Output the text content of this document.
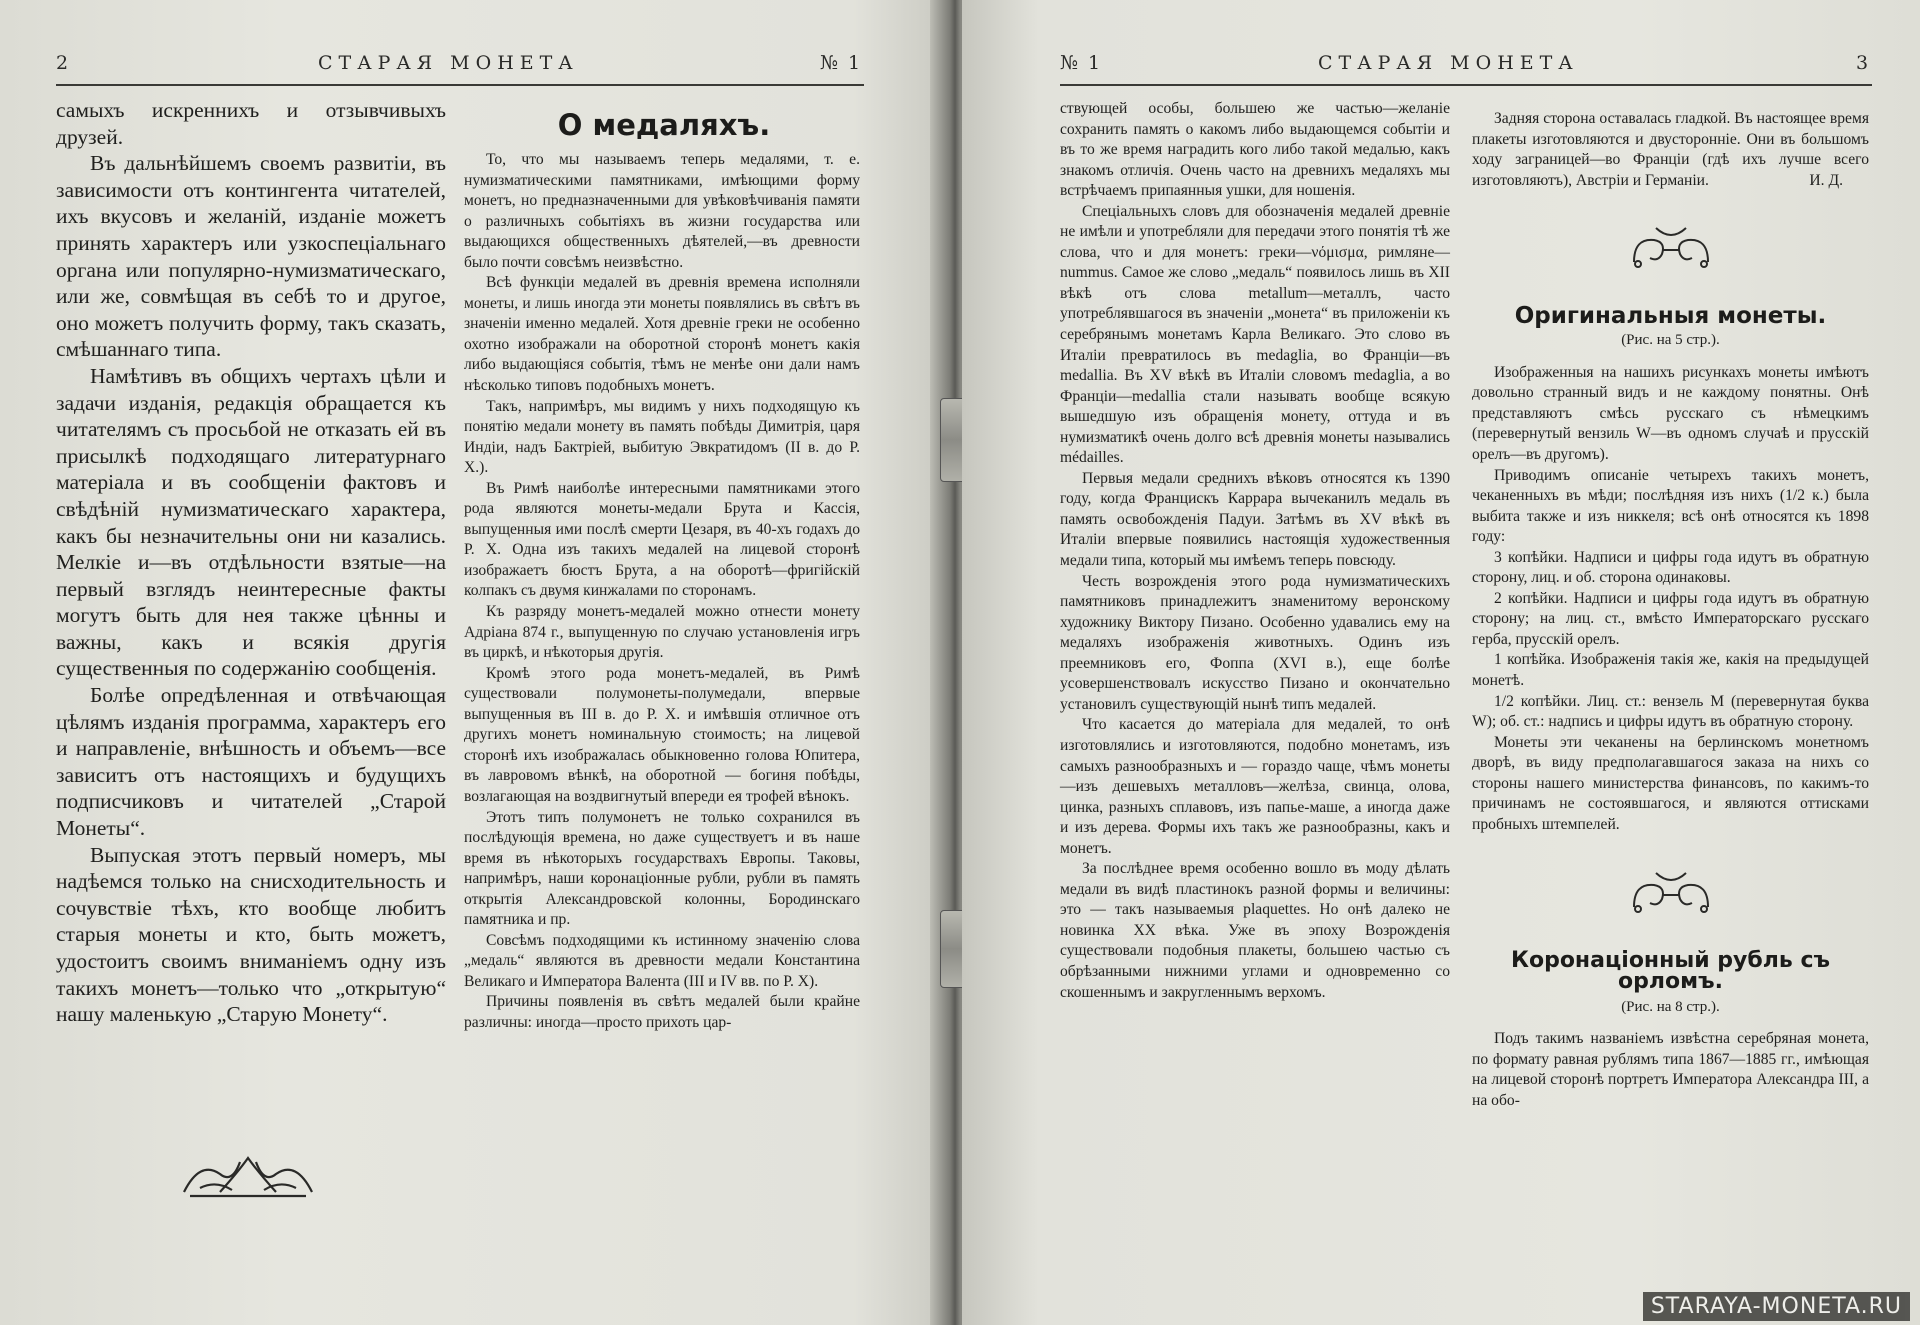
2	СТАРАЯ МОНЕТА	№ 1

самыхъ искреннихъ и отзывчивыхъ друзей.

Въ дальнѣйшемъ своемъ развитіи, въ зависимости отъ контингента читателей, ихъ вкусовъ и желаній, изданіе можетъ принять характеръ или узкоспеціальнаго органа или популярно-нумизматическаго, или же, совмѣщая въ себѣ то и другое, оно можетъ получить форму, такъ сказать, смѣшаннаго типа.

Намѣтивъ въ общихъ чертахъ цѣли и задачи изданія, редакція обращается къ читателямъ съ просьбой не отказать ей въ присылкѣ подходящаго литературнаго матеріала и въ сообщеніи фактовъ и свѣдѣній нумизматическаго характера, какъ бы незначительны они ни казались. Мелкіе и—въ отдѣльности взятые—на первый взглядъ неинтересные факты могутъ быть для нея также цѣнны и важны, какъ и всякія другія существенныя по содержанію сообщенія.

Болѣе опредѣленная и отвѣчающая цѣлямъ изданія программа, характеръ его и направленіе, внѣшность и объемъ—все зависитъ отъ настоящихъ и будущихъ подписчиковъ и читателей „Старой Монеты“.

Выпуская этотъ первый номеръ, мы надѣемся только на снисходительность и сочувствіе тѣхъ, кто вообще любитъ старыя монеты и кто, быть можетъ, удостоитъ своимъ вниманіемъ одну изъ такихъ монетъ—только что „открытую“ нашу маленькую „Старую Монету“.

О медаляхъ.

То, что мы называемъ теперь медалями, т. е. нумизматическими памятниками, имѣющими форму монетъ, но предназначенными для увѣковѣчиванія памяти о различныхъ событіяхъ въ жизни государства или выдающихся общественныхъ дѣятелей,—въ древности было почти совсѣмъ неизвѣстно.

Всѣ функціи медалей въ древнія времена исполняли монеты, и лишь иногда эти монеты появлялись въ свѣтъ въ значеніи именно медалей. Хотя древніе греки не особенно охотно изображали на оборотной сторонѣ монетъ какія либо выдающіяся событія, тѣмъ не менѣе они дали намъ нѣсколько типовъ подобныхъ монетъ.

Такъ, напримѣръ, мы видимъ у нихъ подходящую къ понятію медали монету въ память побѣды Димитрія, царя Индіи, надъ Бактріей, выбитую Эвкратидомъ (II в. до Р. X.).

Въ Римѣ наиболѣе интересными памятниками этого рода являются монеты-медали Брута и Кассія, выпущенныя ими послѣ смерти Цезаря, въ 40-хъ годахъ до Р. X. Одна изъ такихъ медалей на лицевой сторонѣ изображаетъ бюстъ Брута, а на оборотѣ—фригійскій колпакъ съ двумя кинжалами по сторонамъ.

Къ разряду монетъ-медалей можно отнести монету Адріана 874 г., выпущенную по случаю установленія игръ въ циркѣ, и нѣкоторыя другія.

Кромѣ этого рода монетъ-медалей, въ Римѣ существовали полумонеты-полумедали, впервые выпущенныя въ III в. до Р. X. и имѣвшія отличное отъ другихъ монетъ номинальную стоимость; на лицевой сторонѣ ихъ изображалась обыкновенно голова Юпитера, въ лавровомъ вѣнкѣ, на оборотной — богиня побѣды, возлагающая на воздвигнутый впереди ея трофей вѣнокъ.

Этотъ типъ полумонетъ не только сохранился въ послѣдующія времена, но даже существуетъ и въ наше время въ нѣкоторыхъ государствахъ Европы. Таковы, напримѣръ, наши коронаціонные рубли, рубли въ память открытія Александровской колонны, Бородинскаго памятника и пр.

Совсѣмъ подходящими къ истинному значенію слова „медаль“ являются въ древности медали Константина Великаго и Императора Валента (III и IV вв. по Р. X).

Причины появленія въ свѣтъ медалей были крайне различны: иногда—просто прихоть цар-

№ 1	СТАРАЯ МОНЕТА	3

ствующей особы, большею же частью—желаніе сохранить память о какомъ либо выдающемся событіи и въ то же время наградить кого либо такой медалью, какъ знакомъ отличія. Очень часто на древнихъ медаляхъ мы встрѣчаемъ припаянныя ушки, для ношенія.

Спеціальныхъ словъ для обозначенія медалей древніе не имѣли и употребляли для передачи этого понятія тѣ же слова, что и для монетъ: греки—νόμισμα, римляне—nummus. Самое же слово „медаль“ появилось лишь въ XII вѣкѣ отъ слова metallum—металлъ, часто употреблявшагося въ значеніи „монета“ въ приложеніи къ серебрянымъ монетамъ Карла Великаго. Это слово въ Италіи превратилось въ medaglia, во Франціи—въ medallia. Въ XV вѣкѣ въ Италіи словомъ medaglia, а во Франціи—medallia стали называть вообще всякую вышедшую изъ обращенія монету, оттуда и въ нумизматикѣ очень долго всѣ древнія монеты назывались médailles.

Первыя медали среднихъ вѣковъ относятся къ 1390 году, когда Францискъ Каррара вычеканилъ медаль въ память освобожденія Падуи. Затѣмъ въ XV вѣкѣ въ Италіи впервые появились настоящія художественныя медали типа, который мы имѣемъ теперь повсюду.

Честь возрожденія этого рода нумизматическихъ памятниковъ принадлежитъ знаменитому веронскому художнику Виктору Пизано. Особенно удавались ему на медаляхъ изображенія животныхъ. Одинъ изъ преемниковъ его, Фоппа (XVI в.), еще болѣе усовершенствовалъ искусство Пизано и окончательно установилъ существующій нынѣ типъ медалей.

Что касается до матеріала для медалей, то онѣ изготовлялись и изготовляются, подобно монетамъ, изъ самыхъ разнообразныхъ и — гораздо чаще, чѣмъ монеты—изъ дешевыхъ металловъ—желѣза, свинца, олова, цинка, разныхъ сплавовъ, изъ папье-маше, а иногда даже и изъ дерева. Формы ихъ такъ же разнообразны, какъ и монетъ.

За послѣднее время особенно вошло въ моду дѣлать медали въ видѣ пластинокъ разной формы и величины: это — такъ называемыя plaquettes. Но онѣ далеко не новинка XX вѣка. Уже въ эпоху Возрожденія существовали подобныя плакеты, большею частью съ обрѣзанными нижними углами и одновременно со скошеннымъ и закругленнымъ верхомъ.

Задняя сторона оставалась гладкой. Въ настоящее время плакеты изготовляются и двусторонніе. Они въ большомъ ходу заграницей—во Франціи (гдѣ ихъ лучше всего изготовляютъ), Австріи и Германіи.	И. Д.

Оригинальныя монеты.
(Рис. на 5 стр.).

Изображенныя на нашихъ рисункахъ монеты имѣютъ довольно странный видъ и не каждому понятны. Онѣ представляютъ смѣсь русскаго съ нѣмецкимъ (перевернутый вензиль W—въ одномъ случаѣ и прусскій орелъ—въ другомъ).

Приводимъ описаніе четырехъ такихъ монетъ, чеканенныхъ въ мѣди; послѣдняя изъ нихъ (1/2 к.) была выбита также и изъ никкеля; всѣ онѣ относятся къ 1898 году:

3 копѣйки. Надписи и цифры года идутъ въ обратную сторону, лиц. и об. сторона одинаковы.

2 копѣйки. Надписи и цифры года идутъ въ обратную сторону; на лиц. ст., вмѣсто Императорскаго русскаго герба, прусскій орелъ.

1 копѣйка. Изображенія такія же, какія на предыдущей монетѣ.

1/2 копѣйки. Лиц. ст.: вензель M (перевернутая буква W); об. ст.: надпись и цифры идутъ въ обратную сторону.

Монеты эти чеканены на берлинскомъ монетномъ дворѣ, въ виду предполагавшагося заказа на нихъ со стороны нашего министерства финансовъ, по какимъ-то причинамъ не состоявшагося, и являются оттисками пробныхъ штемпелей.

Коронаціонный рубль съ орломъ.
(Рис. на 8 стр.).

Подъ такимъ названіемъ извѣстна серебряная монета, по формату равная рублямъ типа 1867—1885 гг., имѣющая на лицевой сторонѣ портретъ Императора Александра III, а на обо-

STARAYA-MONETA.RU
